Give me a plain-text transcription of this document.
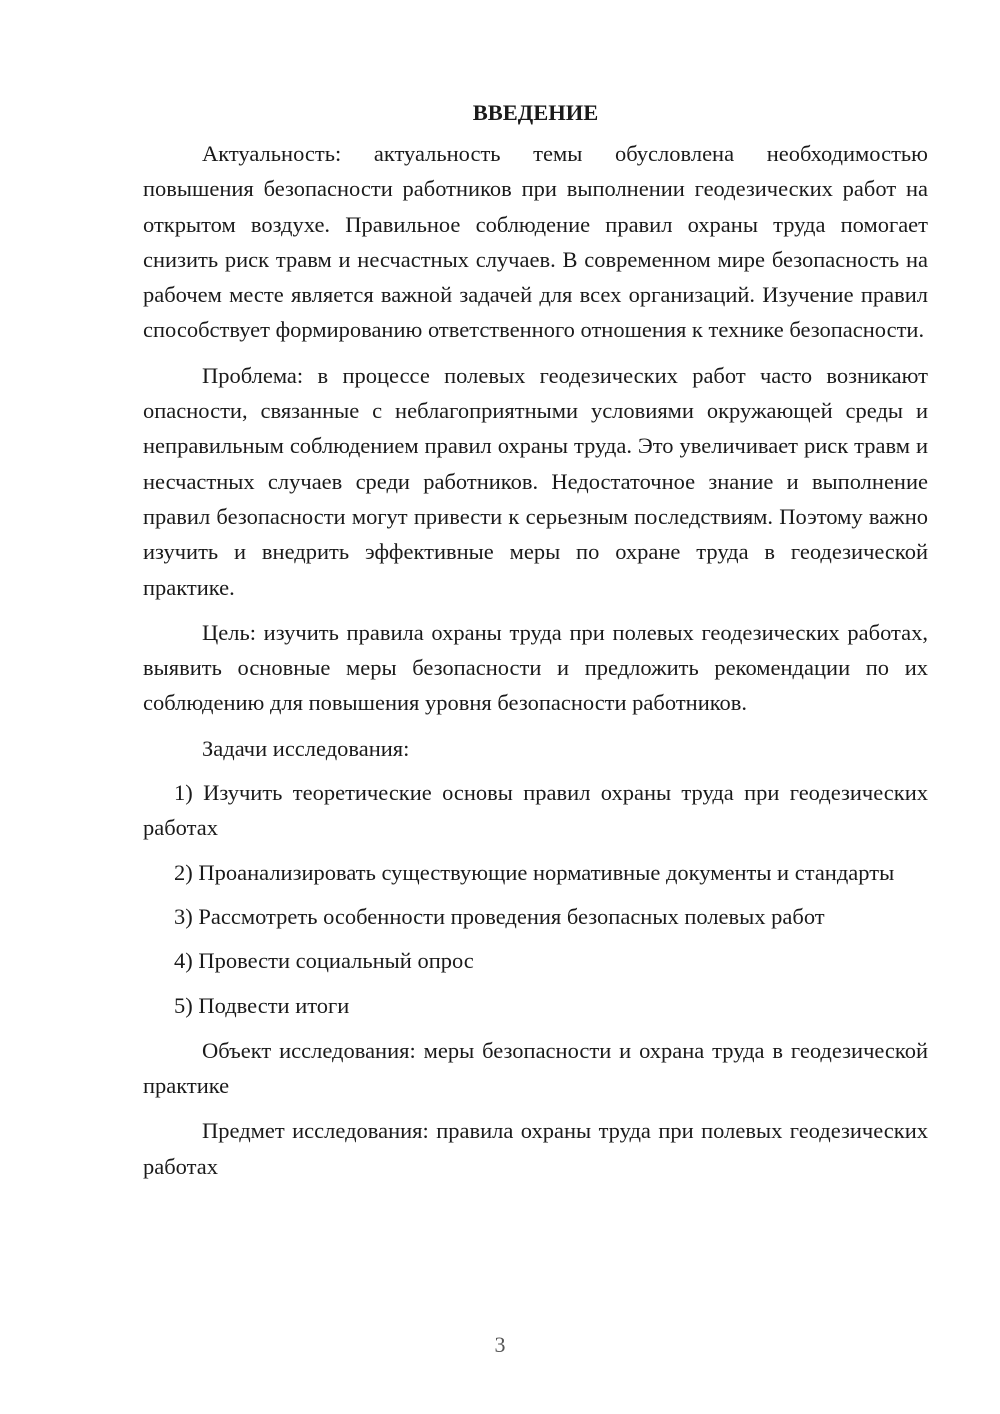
ВВЕДЕНИЕ

Актуальность: актуальность темы обусловлена необходимостью повышения безопасности работников при выполнении геодезических работ на открытом воздухе. Правильное соблюдение правил охраны труда помогает снизить риск травм и несчастных случаев. В современном мире безопасность на рабочем месте является важной задачей для всех организаций. Изучение правил способствует формированию ответственного отношения к технике безопасности.

Проблема: в процессе полевых геодезических работ часто возникают опасности, связанные с неблагоприятными условиями окружающей среды и неправильным соблюдением правил охраны труда. Это увеличивает риск травм и несчастных случаев среди работников. Недостаточное знание и выполнение правил безопасности могут привести к серьезным последствиям. Поэтому важно изучить и внедрить эффективные меры по охране труда в геодезической практике.

Цель: изучить правила охраны труда при полевых геодезических работах, выявить основные меры безопасности и предложить рекомендации по их соблюдению для повышения уровня безопасности работников.

Задачи исследования:

1) Изучить теоретические основы правил охраны труда при геодезических работах

2) Проанализировать существующие нормативные документы и стандарты

3) Рассмотреть особенности проведения безопасных полевых работ

4) Провести социальный опрос

5) Подвести итоги

Объект исследования: меры безопасности и охрана труда в геодезической практике

Предмет исследования: правила охраны труда при полевых геодезических работах

3
